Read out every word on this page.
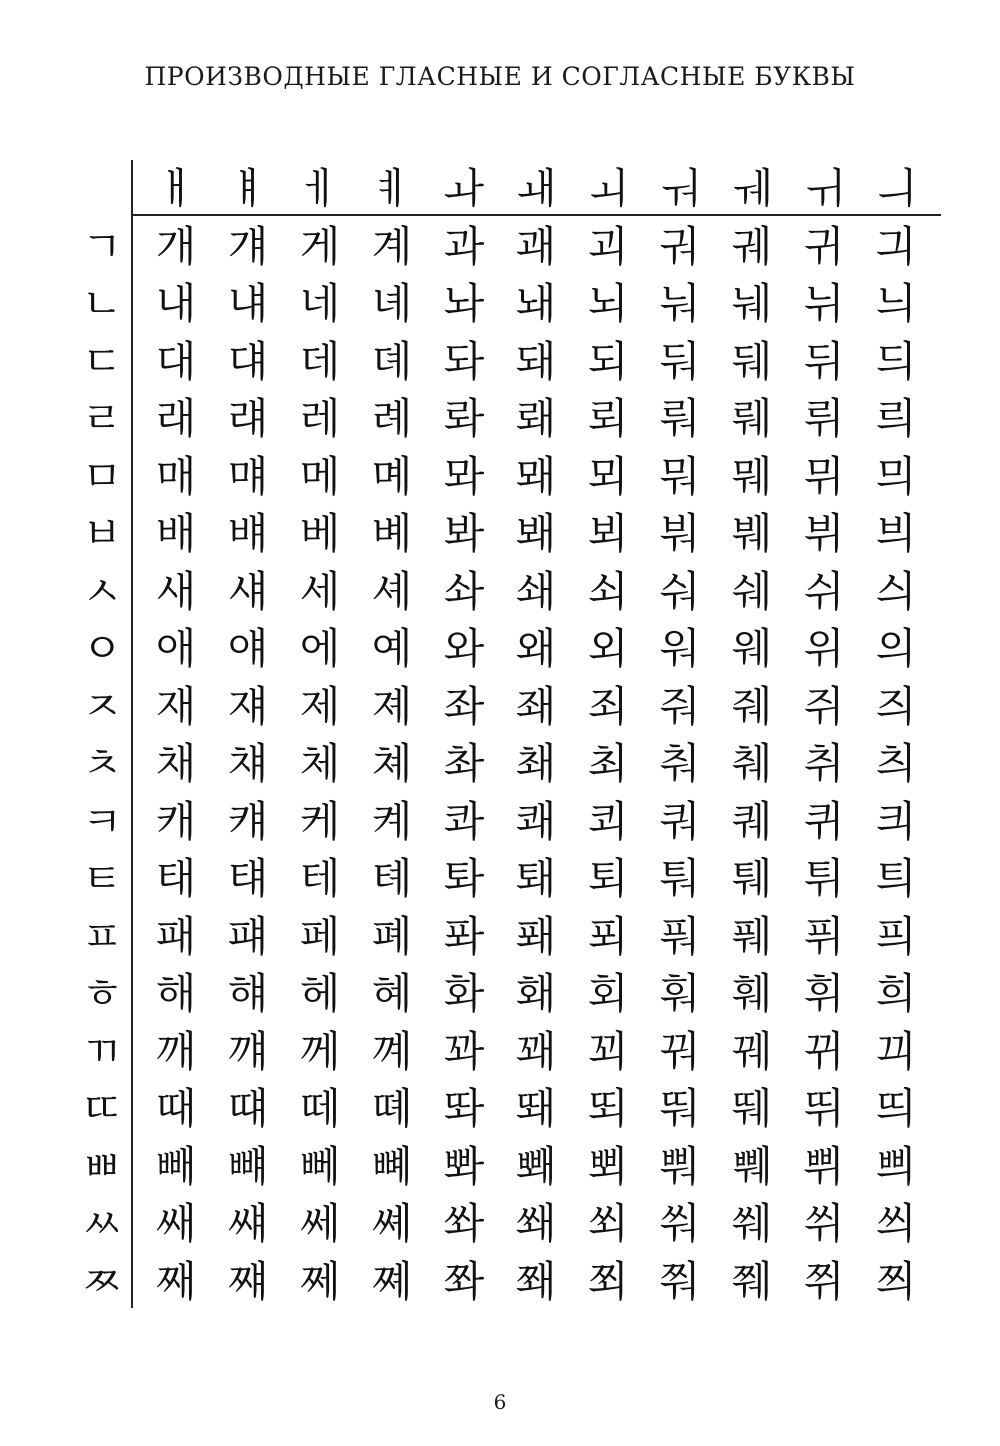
ПРОИЗВОДНЫЕ ГЛАСНЫЕ И СОГЛАСНЫЕ БУКВЫ
ㅐ ㅒ ㅔ ㅖ ㅘ ㅙ ㅚ ㅝ ㅞ ㅟ ㅢ
ㄱ 개 걔 게 계 과 괘 괴 궈 궤 귀 긔
ㄴ 내 냬 네 녜 놔 놰 뇌 눠 눼 뉘 늬
ㄷ 대 댸 데 뎨 돠 돼 되 둬 뒈 뒤 듸
ㄹ 래 럐 레 례 롸 뢔 뢰 뤄 뤠 뤼 릐
ㅁ 매 먜 메 몌 뫄 뫠 뫼 뭐 뭬 뮈 믜
ㅂ 배 뱨 베 볘 봐 봬 뵈 붜 붸 뷔 븨
ㅅ 새 섀 세 셰 솨 쇄 쇠 숴 쉐 쉬 싀
ㅇ 애 얘 에 예 와 왜 외 워 웨 위 의
ㅈ 재 쟤 제 졔 좌 좨 죄 줘 줴 쥐 즤
ㅊ 채 챼 체 쳬 촤 쵀 최 춰 췌 취 츼
ㅋ 캐 컈 케 켸 콰 쾌 쾨 쿼 퀘 퀴 킈
ㅌ 태 턔 테 톄 톼 퇘 퇴 퉈 퉤 튀 틔
ㅍ 패 퍠 페 폐 퐈 퐤 푀 풔 풰 퓌 픠
ㅎ 해 햬 헤 혜 화 홰 회 훠 훼 휘 희
ㄲ 깨 꺠 께 꼐 꽈 꽤 꾀 꿔 꿰 뀌 끠
ㄸ 때 떄 떼 뗴 똬 뙈 뙤 뚸 뛔 뛰 띄
ㅃ 빼 뺴 뻬 뼤 뽜 뽸 뾔 뿨 쀄 쀠 쁴
ㅆ 쌔 썌 쎄 쎼 쏴 쐐 쐬 쒀 쒜 쒸 씌
ㅉ 째 쨰 쩨 쪠 쫘 쫴 쬐 쭤 쮀 쮜 쯰
6
